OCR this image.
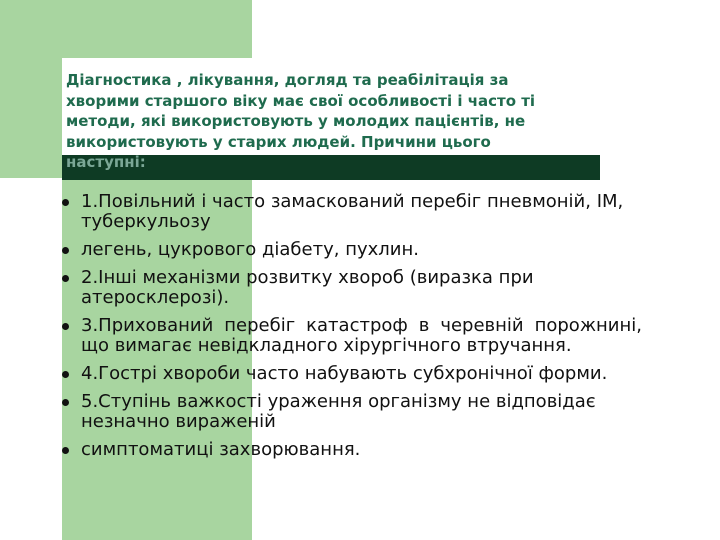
Діагностика , лікування, догляд та реабілітація за
хворими старшого віку має свої особливості і часто ті
методи, які використовують у молодих пацієнтів, не
використовують у старих людей. Причини цього
наступні:
1.Повільний і часто замаскований перебіг пневмоній, ІМ, туберкульозу
легень, цукрового діабету, пухлин.
2.Інші механізми розвитку хвороб (виразка при атеросклерозі).
3.Прихований перебіг катастроф в черевній порожнині, що вимагає невідкладного хірургічного втручання.
4.Гострі хвороби часто набувають субхронічної форми.
5.Ступінь важкості ураження організму не відповідає незначно вираженій
симптоматиці захворювання.
